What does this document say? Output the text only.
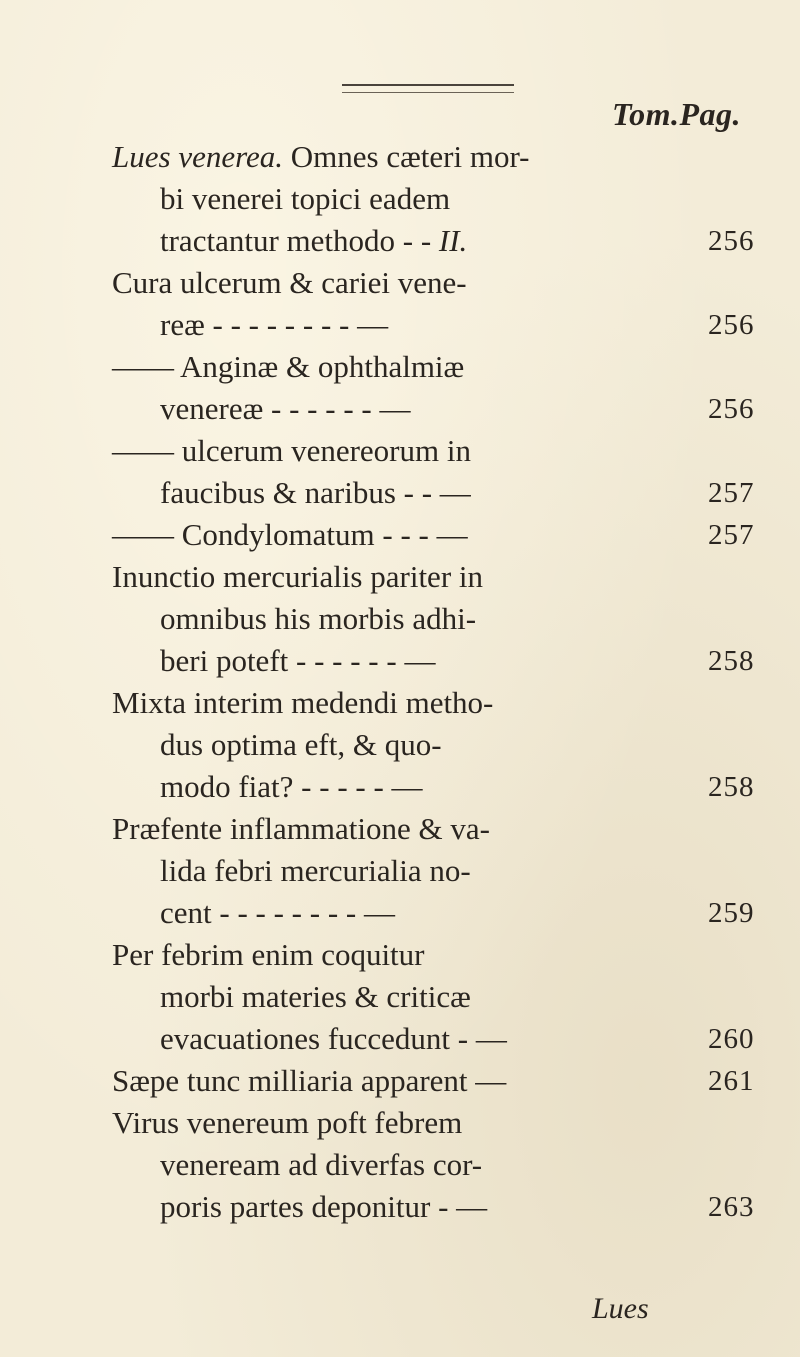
Tom.Pag.
Lues venerea. Omnes cæteri mor-
bi venerei topici eadem
tractantur methodo - - II.	256
Cura ulcerum & cariei vene-
reæ - - - - - - - - —	256
—— Anginæ & ophthalmiæ
venereæ - - - - - - —	256
—— ulcerum venereorum in
faucibus & naribus - - —	257
—— Condylomatum - - - —	257
Inunctio mercurialis pariter in
omnibus his morbis adhi-
beri poteft - - - - - - —	258
Mixta interim medendi metho-
dus optima eft, & quo-
modo fiat? - - - - - —	258
Præfente inflammatione & va-
lida febri mercurialia no-
cent - - - - - - - - —	259
Per febrim enim coquitur
morbi materies & criticæ
evacuationes fuccedunt - —	260
Sæpe tunc milliaria apparent —	261
Virus venereum poft febrem
veneream ad diverfas cor-
poris partes deponitur - —	263
Lues
